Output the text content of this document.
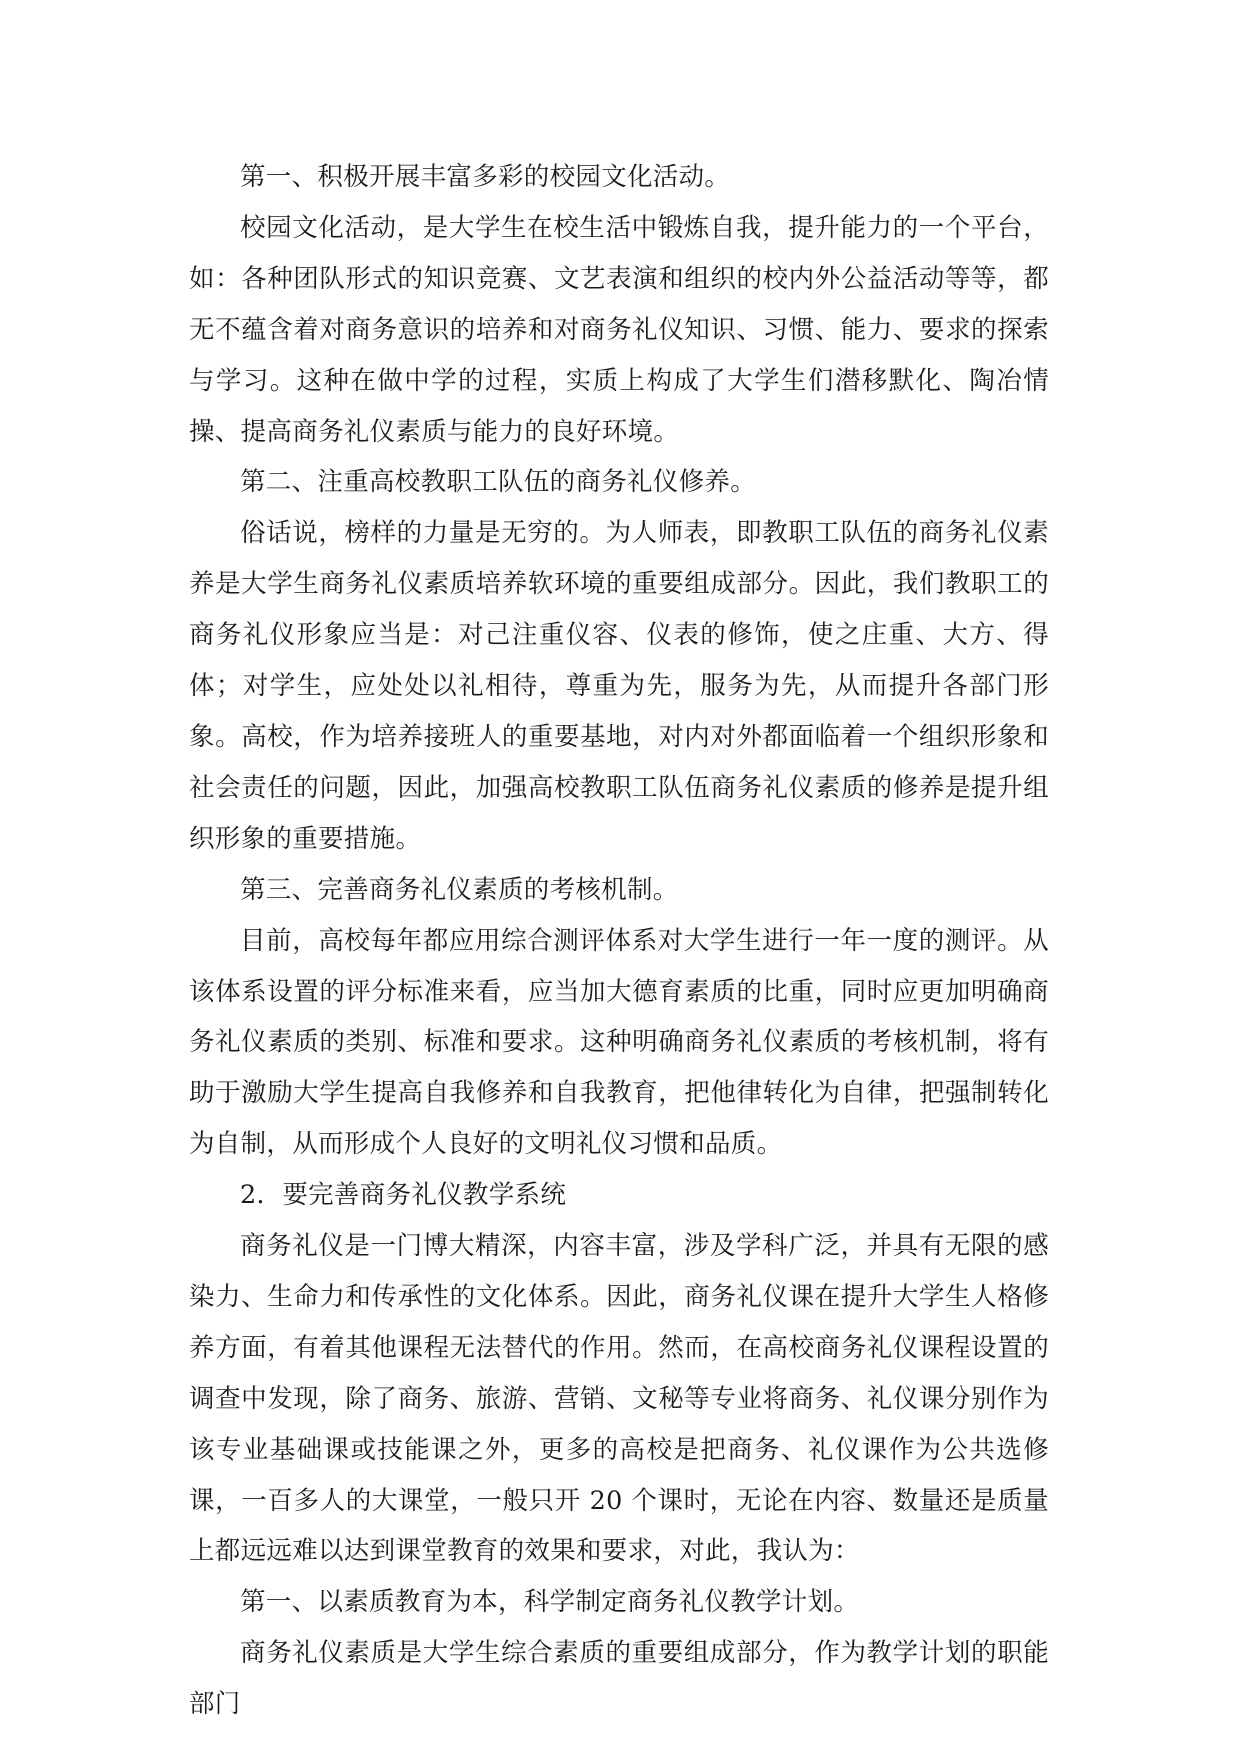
第一、积极开展丰富多彩的校园文化活动。

校园文化活动，是大学生在校生活中锻炼自我，提升能力的一个平台，如：各种团队形式的知识竞赛、文艺表演和组织的校内外公益活动等等，都无不蕴含着对商务意识的培养和对商务礼仪知识、习惯、能力、要求的探索与学习。这种在做中学的过程，实质上构成了大学生们潜移默化、陶冶情操、提高商务礼仪素质与能力的良好环境。

第二、注重高校教职工队伍的商务礼仪修养。

俗话说，榜样的力量是无穷的。为人师表，即教职工队伍的商务礼仪素养是大学生商务礼仪素质培养软环境的重要组成部分。因此，我们教职工的商务礼仪形象应当是：对己注重仪容、仪表的修饰，使之庄重、大方、得体；对学生，应处处以礼相待，尊重为先，服务为先，从而提升各部门形象。高校，作为培养接班人的重要基地，对内对外都面临着一个组织形象和社会责任的问题，因此，加强高校教职工队伍商务礼仪素质的修养是提升组织形象的重要措施。

第三、完善商务礼仪素质的考核机制。

目前，高校每年都应用综合测评体系对大学生进行一年一度的测评。从该体系设置的评分标准来看，应当加大德育素质的比重，同时应更加明确商务礼仪素质的类别、标准和要求。这种明确商务礼仪素质的考核机制，将有助于激励大学生提高自我修养和自我教育，把他律转化为自律，把强制转化为自制，从而形成个人良好的文明礼仪习惯和品质。

2．要完善商务礼仪教学系统

商务礼仪是一门博大精深，内容丰富，涉及学科广泛，并具有无限的感染力、生命力和传承性的文化体系。因此，商务礼仪课在提升大学生人格修养方面，有着其他课程无法替代的作用。然而，在高校商务礼仪课程设置的调查中发现，除了商务、旅游、营销、文秘等专业将商务、礼仪课分别作为该专业基础课或技能课之外，更多的高校是把商务、礼仪课作为公共选修课，一百多人的大课堂，一般只开 20 个课时，无论在内容、数量还是质量上都远远难以达到课堂教育的效果和要求，对此，我认为：

第一、以素质教育为本，科学制定商务礼仪教学计划。

商务礼仪素质是大学生综合素质的重要组成部分，作为教学计划的职能部门
